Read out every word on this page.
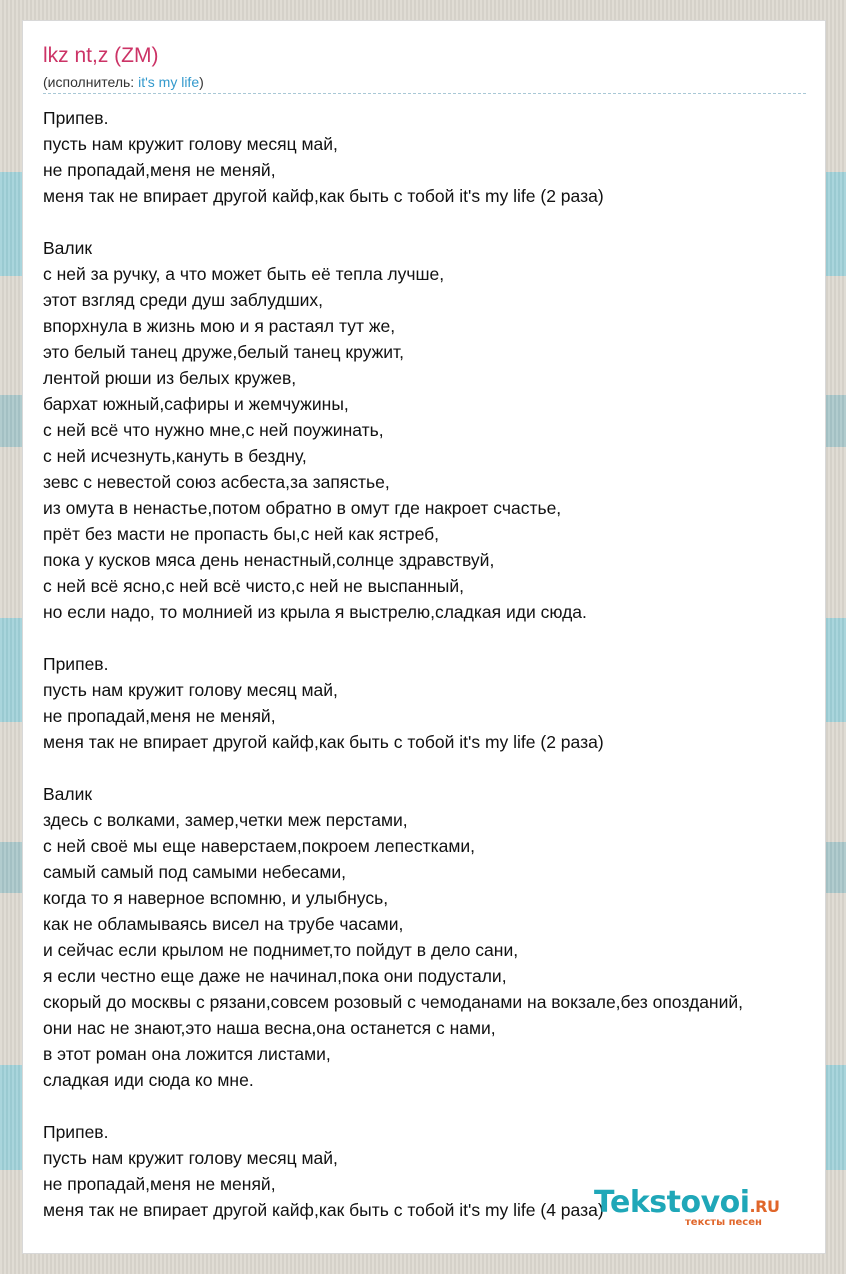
lkz nt,z (ZM)
(исполнитель: it's my life)
Припев.
пусть нам кружит голову месяц май,
не пропадай,меня не меняй,
меня так не впирает другой кайф,как быть с тобой it's my life (2 раза)
Валик
с ней за ручку, а что может быть её тепла лучше,
этот взгляд среди душ заблудших,
впорхнула в жизнь мою и я растаял тут же,
это белый танец друже,белый танец кружит,
лентой рюши из белых кружев,
бархат южный,сафиры и жемчужины,
с ней всё что нужно мне,с ней поужинать,
с ней исчезнуть,кануть в бездну,
зевс с невестой союз асбеста,за запястье,
из омута в ненастье,потом обратно в омут где накроет счастье,
прёт без масти не пропасть бы,с ней как ястреб,
пока у кусков мяса день ненастный,солнце здравствуй,
с ней всё ясно,с ней всё чисто,с ней не выспанный,
но если надо, то молнией из крыла я выстрелю,сладкая иди сюда.
Припев.
пусть нам кружит голову месяц май,
не пропадай,меня не меняй,
меня так не впирает другой кайф,как быть с тобой it's my life (2 раза)
Валик
здесь с волками, замер,четки меж перстами,
с ней своё мы еще наверстаем,покроем лепестками,
самый самый под самыми небесами,
когда то я наверное вспомню, и улыбнусь,
как не обламываясь висел на трубе часами,
и сейчас если крылом не поднимет,то пойдут в дело сани,
я если честно еще даже не начинал,пока они подустали,
скорый до москвы с рязани,совсем розовый с чемоданами на вокзале,без опозданий,
они нас не знают,это наша весна,она останется с нами,
в этот роман она ложится листами,
сладкая иди сюда ко мне.
Припев.
пусть нам кружит голову месяц май,
не пропадай,меня не меняй,
меня так не впирает другой кайф,как быть с тобой it's my life (4 раза)
Tekstovoi.RU
тексты песен
